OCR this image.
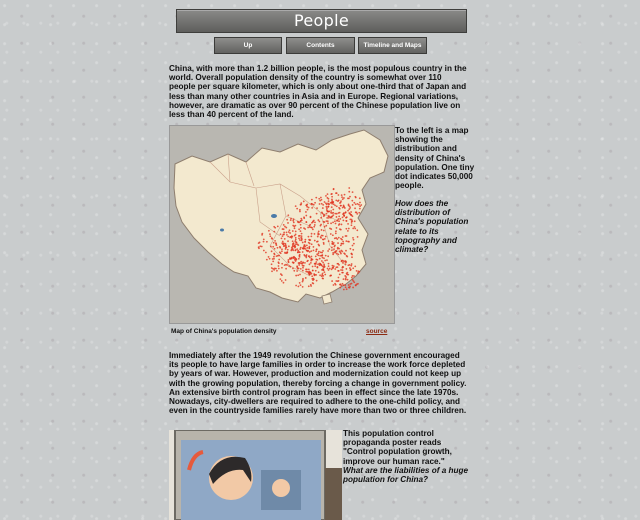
People
Up	Contents	Timeline and Maps
China, with more than 1.2 billion people, is the most populous country in the world. Overall population density of the country is somewhat over 110 people per square kilometer, which is only about one-third that of Japan and less than many other countries in Asia and in Europe. Regional variations, however, are dramatic as over 90 percent of the Chinese population live on less than 40 percent of the land.
To the left is a map showing the distribution and density of China's population. One tiny dot indicates 50,000 people.
How does the distribution of China's population relate to its topography and climate?
Map of China's population density	source
Immediately after the 1949 revolution the Chinese government encouraged its people to have large families in order to increase the work force depleted by years of war. However, production and modernization could not keep up with the growing population, thereby forcing a change in government policy. An extensive birth control program has been in effect since the late 1970s. Nowadays, city-dwellers are required to adhere to the one-child policy, and even in the countryside families rarely have more than two or three children.
This population control propaganda poster reads "Control population growth, improve our human race."
What are the liabilities of a huge population for China?
